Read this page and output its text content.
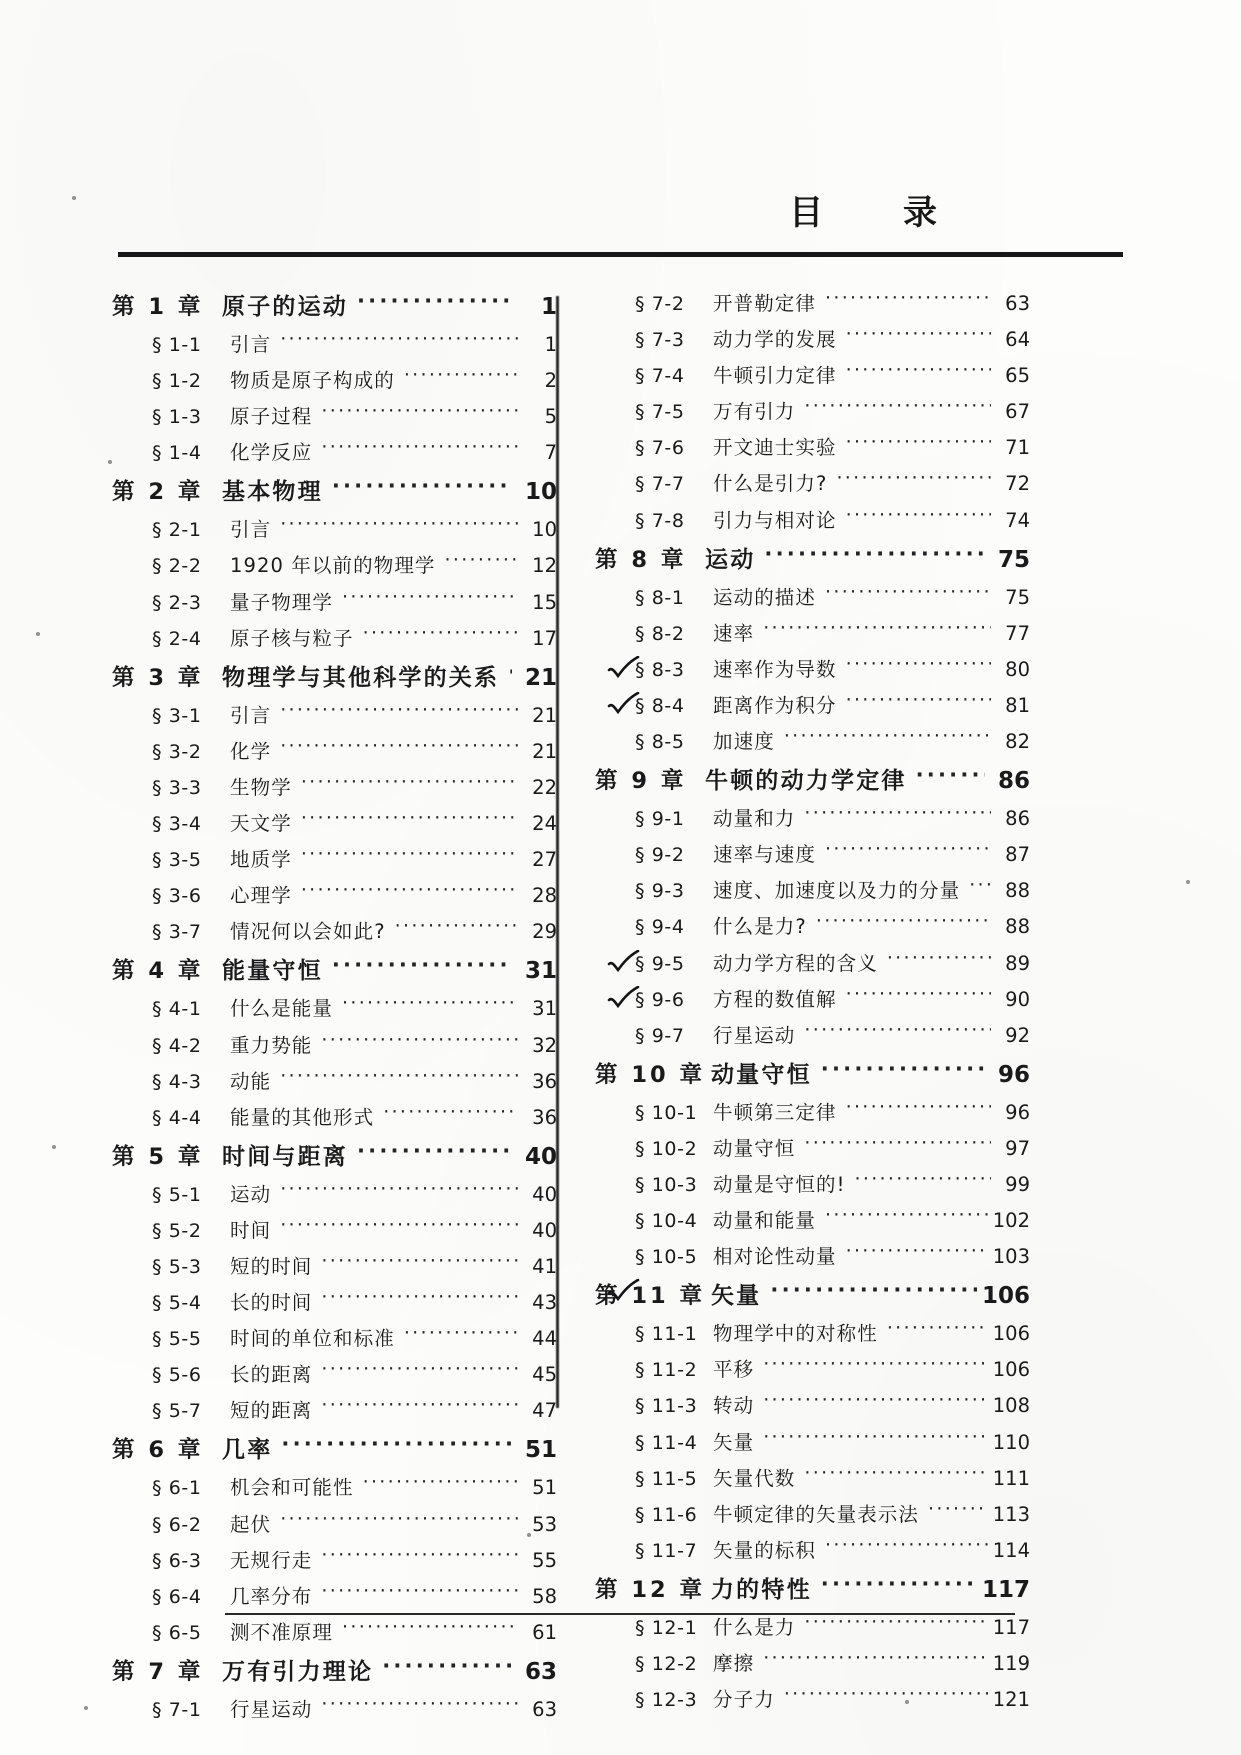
目 录
第 1 章 原子的运动 ·····	1
§ 1-1	引言 ·····	1
§ 1-2	物质是原子构成的 ·····	2
§ 1-3	原子过程 ·····	5
§ 1-4	化学反应 ·····	7
第 2 章 基本物理 ·····	10
§ 2-1	引言 ·····	10
§ 2-2	1920 年以前的物理学 ·····	12
§ 2-3	量子物理学 ·····	15
§ 2-4	原子核与粒子 ·····	17
第 3 章 物理学与其他科学的关系 ·····	21
§ 3-1	引言 ·····	21
§ 3-2	化学 ·····	21
§ 3-3	生物学 ·····	22
§ 3-4	天文学 ·····	24
§ 3-5	地质学 ·····	27
§ 3-6	心理学 ·····	28
§ 3-7	情况何以会如此? ·····	29
第 4 章 能量守恒 ·····	31
§ 4-1	什么是能量 ·····	31
§ 4-2	重力势能 ·····	32
§ 4-3	动能 ·····	36
§ 4-4	能量的其他形式 ·····	36
第 5 章 时间与距离 ·····	40
§ 5-1	运动 ·····	40
§ 5-2	时间 ·····	40
§ 5-3	短的时间 ·····	41
§ 5-4	长的时间 ·····	43
§ 5-5	时间的单位和标准 ·····	44
§ 5-6	长的距离 ·····	45
§ 5-7	短的距离 ·····	47
第 6 章 几率 ·····	51
§ 6-1	机会和可能性 ·····	51
§ 6-2	起伏 ·····	53
§ 6-3	无规行走 ·····	55
§ 6-4	几率分布 ·····	58
§ 6-5	测不准原理 ·····	61
第 7 章 万有引力理论 ·····	63
§ 7-1	行星运动 ·····	63
§ 7-2	开普勒定律 ·····	63
§ 7-3	动力学的发展 ·····	64
§ 7-4	牛顿引力定律 ·····	65
§ 7-5	万有引力 ·····	67
§ 7-6	开文迪士实验 ·····	71
§ 7-7	什么是引力? ·····	72
§ 7-8	引力与相对论 ·····	74
第 8 章 运动 ·····	75
§ 8-1	运动的描述 ·····	75
§ 8-2	速率 ·····	77
§ 8-3	速率作为导数 ·····	80
§ 8-4	距离作为积分 ·····	81
§ 8-5	加速度 ·····	82
第 9 章 牛顿的动力学定律 ·····	86
§ 9-1	动量和力 ·····	86
§ 9-2	速率与速度 ·····	87
§ 9-3	速度、加速度以及力的分量 ·····	88
§ 9-4	什么是力? ·····	88
§ 9-5	动力学方程的含义 ·····	89
§ 9-6	方程的数值解 ·····	90
§ 9-7	行星运动 ·····	92
第 10 章 动量守恒 ·····	96
§ 10-1 牛顿第三定律 ·····	96
§ 10-2 动量守恒 ·····	97
§ 10-3 动量是守恒的! ·····	99
§ 10-4 动量和能量 ·····	102
§ 10-5 相对论性动量 ·····	103
第 11 章 矢量 ·····	106
§ 11-1 物理学中的对称性 ·····	106
§ 11-2 平移 ·····	106
§ 11-3 转动 ·····	108
§ 11-4 矢量 ·····	110
§ 11-5 矢量代数 ·····	111
§ 11-6 牛顿定律的矢量表示法 ·····	113
§ 11-7 矢量的标积 ·····	114
第 12 章 力的特性 ·····	117
§ 12-1 什么是力 ·····	117
§ 12-2 摩擦 ·····	119
§ 12-3 分子力 ·····	121
